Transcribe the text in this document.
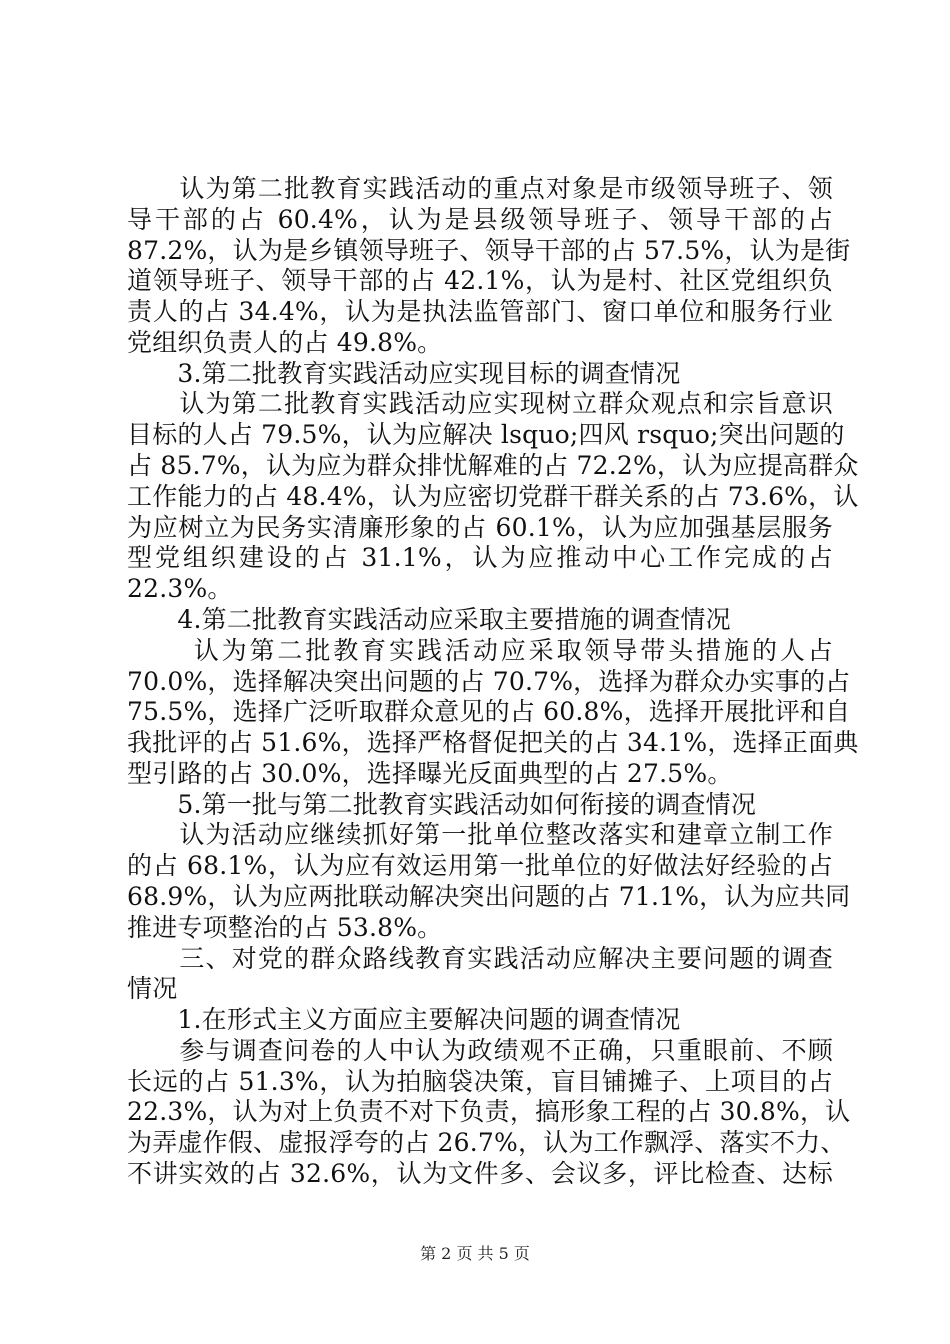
　　认为第二批教育实践活动的重点对象是市级领导班子、领
导干部的占 60.4%，认为是县级领导班子、领导干部的占
87.2%，认为是乡镇领导班子、领导干部的占 57.5%，认为是街
道领导班子、领导干部的占 42.1%，认为是村、社区党组织负
责人的占 34.4%，认为是执法监管部门、窗口单位和服务行业
党组织负责人的占 49.8%。
　　3.第二批教育实践活动应实现目标的调查情况
　　认为第二批教育实践活动应实现树立群众观点和宗旨意识
目标的人占 79.5%，认为应解决 lsquo;四风 rsquo;突出问题的
占 85.7%，认为应为群众排忧解难的占 72.2%，认为应提高群众
工作能力的占 48.4%，认为应密切党群干群关系的占 73.6%，认
为应树立为民务实清廉形象的占 60.1%，认为应加强基层服务
型党组织建设的占 31.1%，认为应推动中心工作完成的占
22.3%。
　　4.第二批教育实践活动应采取主要措施的调查情况
　　 认为第二批教育实践活动应采取领导带头措施的人占
70.0%，选择解决突出问题的占 70.7%，选择为群众办实事的占
75.5%，选择广泛听取群众意见的占 60.8%，选择开展批评和自
我批评的占 51.6%，选择严格督促把关的占 34.1%，选择正面典
型引路的占 30.0%，选择曝光反面典型的占 27.5%。
　　5.第一批与第二批教育实践活动如何衔接的调查情况
　　认为活动应继续抓好第一批单位整改落实和建章立制工作
的占 68.1%，认为应有效运用第一批单位的好做法好经验的占
68.9%，认为应两批联动解决突出问题的占 71.1%，认为应共同
推进专项整治的占 53.8%。
　　三、对党的群众路线教育实践活动应解决主要问题的调查
情况
　　1.在形式主义方面应主要解决问题的调查情况
　　参与调查问卷的人中认为政绩观不正确，只重眼前、不顾
长远的占 51.3%，认为拍脑袋决策，盲目铺摊子、上项目的占
22.3%，认为对上负责不对下负责，搞形象工程的占 30.8%，认
为弄虚作假、虚报浮夸的占 26.7%，认为工作飘浮、落实不力、
不讲实效的占 32.6%，认为文件多、会议多，评比检查、达标
第 2 页 共 5 页
